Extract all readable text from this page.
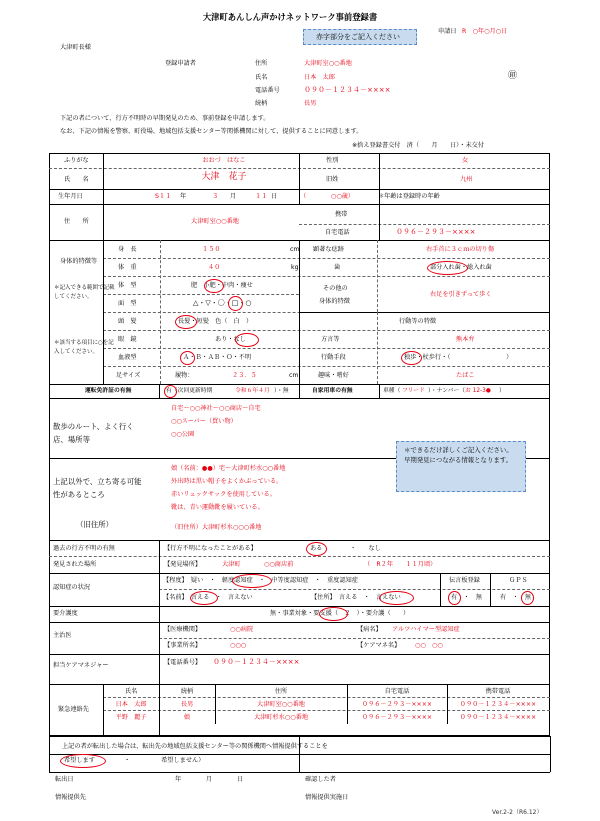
大津町あんしん声かけネットワーク事前登録書
赤字部分をご記入ください
申請日 R　○年○月○日
大津町長様
登録申請者	住所	大津町室○○番地
氏名	日本　太郎	㊞
電話番号	０９０－１２３４－××××
続柄	長男
下記の者について、行方不明時の早期発見のため、事前登録を申請します。
なお、下記の情報を警察、町役場、地域包括支援センター等関係機関に対して、提供することに同意します。
※捨え登録書交付　済（　　月　　日）・未交付
ふりがな	おおづ　はなこ	性別	女
氏　　名	大津　花子	旧姓	九州
生年月日	S１１ 年	３ 月	１１ 日	（　　　　○○歳）	＊年齢は登録時の年齢
住　　所	大津町室○○番地
携帯
自宅電話	０９６－２９３－××××
身体的特徴等
＊記入できる範囲で記載
してください。
＊該当する項目に○を記
入してください。
身　長	１５０	cm
体　重	４０	kg
体　型	肥　小肥・中肉・痩せ
面　型	△・▽・〇・□・○
頭　髪	長髪・短髪　色（　白　）
眼　鏡	あり・なし
血液型	Ａ・Ｂ・ＡＢ・Ｏ・不明
足サイズ	履物：	２３．５	cm
顕著な痣跡	右手首に３ｃｍの切り傷
歯	部分入れ歯・総入れ歯
その他の
身体的特徴
右足を引きずって歩く
行動等の特徴
方言等	熊本弁
行動手段	独歩・杖歩行・（　　　　　　　　　）
趣味・嗜好	たばこ
運転免許証の有無	有（次回更新時期	令和６年４月 ）・無	自家用車の有無	車種（ フリード ）・ナンバー（ お 12-3● ）
散歩のルート、よく行く
店、場所等
自宅～○○神社～○○商店～自宅
○○スーパー（買い物）
○○公園
＊できるだけ詳しくご記入ください。早期発見につながる情報となります。
上記以外で、立ち寄る可能
性があるところ
（旧住所）
娘（名前：●●）宅～大津町杉水○○番地
外出時は黒い帽子をよくかぶっている。
赤いリュックサックを使用している。
靴は、青い運動靴を履いている。
（旧住所）大津町杉水○○○番地
過去の行方不明の有無	【行方不明になったことがある】	ある	・　　なし
発見された場所	【発見場所】	大津町	○○商店前	（　R２年　　１１月頃）
認知症の状況
【程度】　疑い　・　軽度認知症　・　中等度認知症　・　重度認知症
【名前】　言える　・　言えない	【住所】　言える　・　言えない
伝言板登録
有　・　無
ＧＰＳ
有　・　無
要介護度	無・事業対象・要支援（　２　）・要介護（　　）
主治医
【医療機関】	○○病院	【病名】 アルツハイマー型認知症
担当ケアマネジャー
【事業所名】	○○○	【ケアマネ名】 ○○　○○
【電話番号】 ０９０－１２３４－××××
緊急連絡先
氏名	続柄	住所	自宅電話	携帯電話
日本　太郎	長男	大津町室○○番地	０９６－２９３－××××	０９０－１２３４－××××
平野　麗子	娘	大津町杉水○○番地	０９６－２９３－××××	０９０－１２３４－××××
上記の者が転出した場合は、転出先の地域包括支援センター等の関係機関へ情報提供することを
希望します	・　　　　　希望しません）
転出日	年　　　　月　　　　日	確認した者
情報提供先	情報提供実施日
Ver.2-2（R6.12）
